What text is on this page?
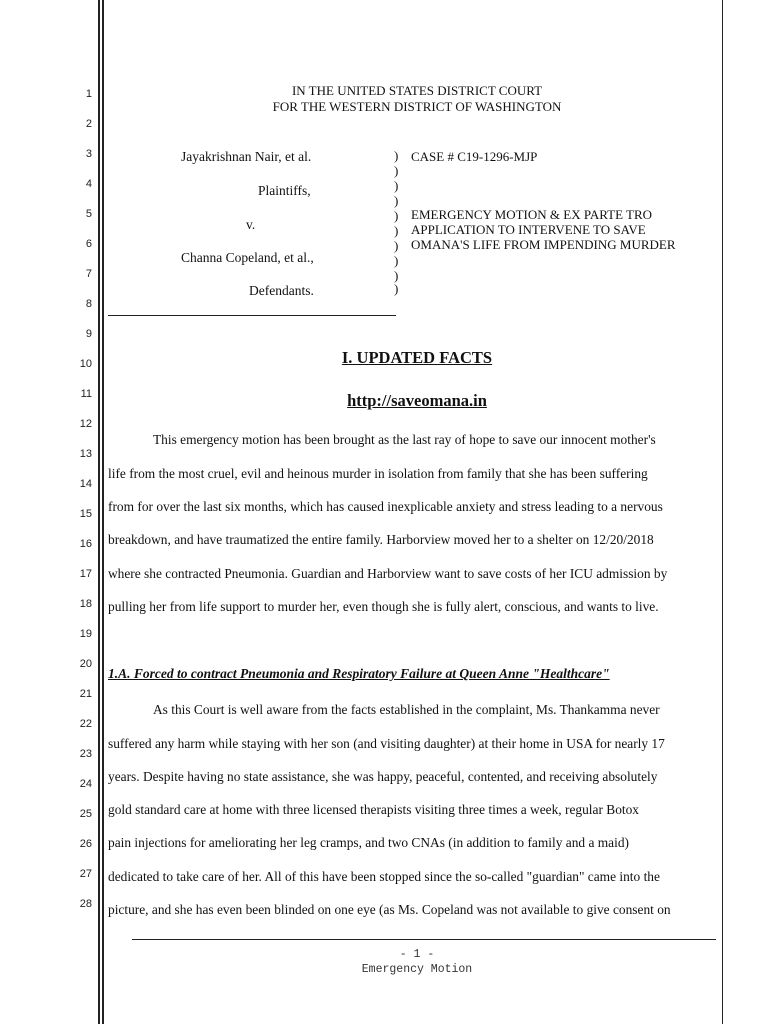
1
2
3
4
5
6
7
8
9
10
11
12
13
14
15
16
17
18
19
20
21
22
23
24
25
26
27
28
IN THE UNITED STATES DISTRICT COURT
FOR THE WESTERN DISTRICT OF WASHINGTON
Jayakrishnan Nair, et al.
Plaintiffs,
v.
Channa Copeland, et al.,
Defendants.
)
)
)
)
)
)
)
)
)
)
CASE # C19-1296-MJP
EMERGENCY MOTION & EX PARTE TRO
APPLICATION TO INTERVENE TO SAVE
OMANA'S LIFE FROM IMPENDING MURDER
I. UPDATED FACTS
http://saveomana.in
This emergency motion has been brought as the last ray of hope to save our innocent mother's
life from the most cruel, evil and heinous murder in isolation from family that she has been suffering
from for over the last six months, which has caused inexplicable anxiety and stress leading to a nervous
breakdown, and have traumatized the entire family. Harborview moved her to a shelter on 12/20/2018
where she contracted Pneumonia. Guardian and Harborview want to save costs of her ICU admission by
pulling her from life support to murder her, even though she is fully alert, conscious, and wants to live.
1.A. Forced to contract Pneumonia and Respiratory Failure at Queen Anne "Healthcare"
As this Court is well aware from the facts established in the complaint, Ms. Thankamma never
suffered any harm while staying with her son (and visiting daughter) at their home in USA for nearly 17
years. Despite having no state assistance, she was happy, peaceful, contented, and receiving absolutely
gold standard care at home with three licensed therapists visiting three times a week, regular Botox
pain injections for ameliorating her leg cramps, and two CNAs (in addition to family and a maid)
dedicated to take care of her. All of this have been stopped since the so-called "guardian" came into the
picture, and she has even been blinded on one eye (as Ms. Copeland was not available to give consent on
- 1 -
Emergency Motion
